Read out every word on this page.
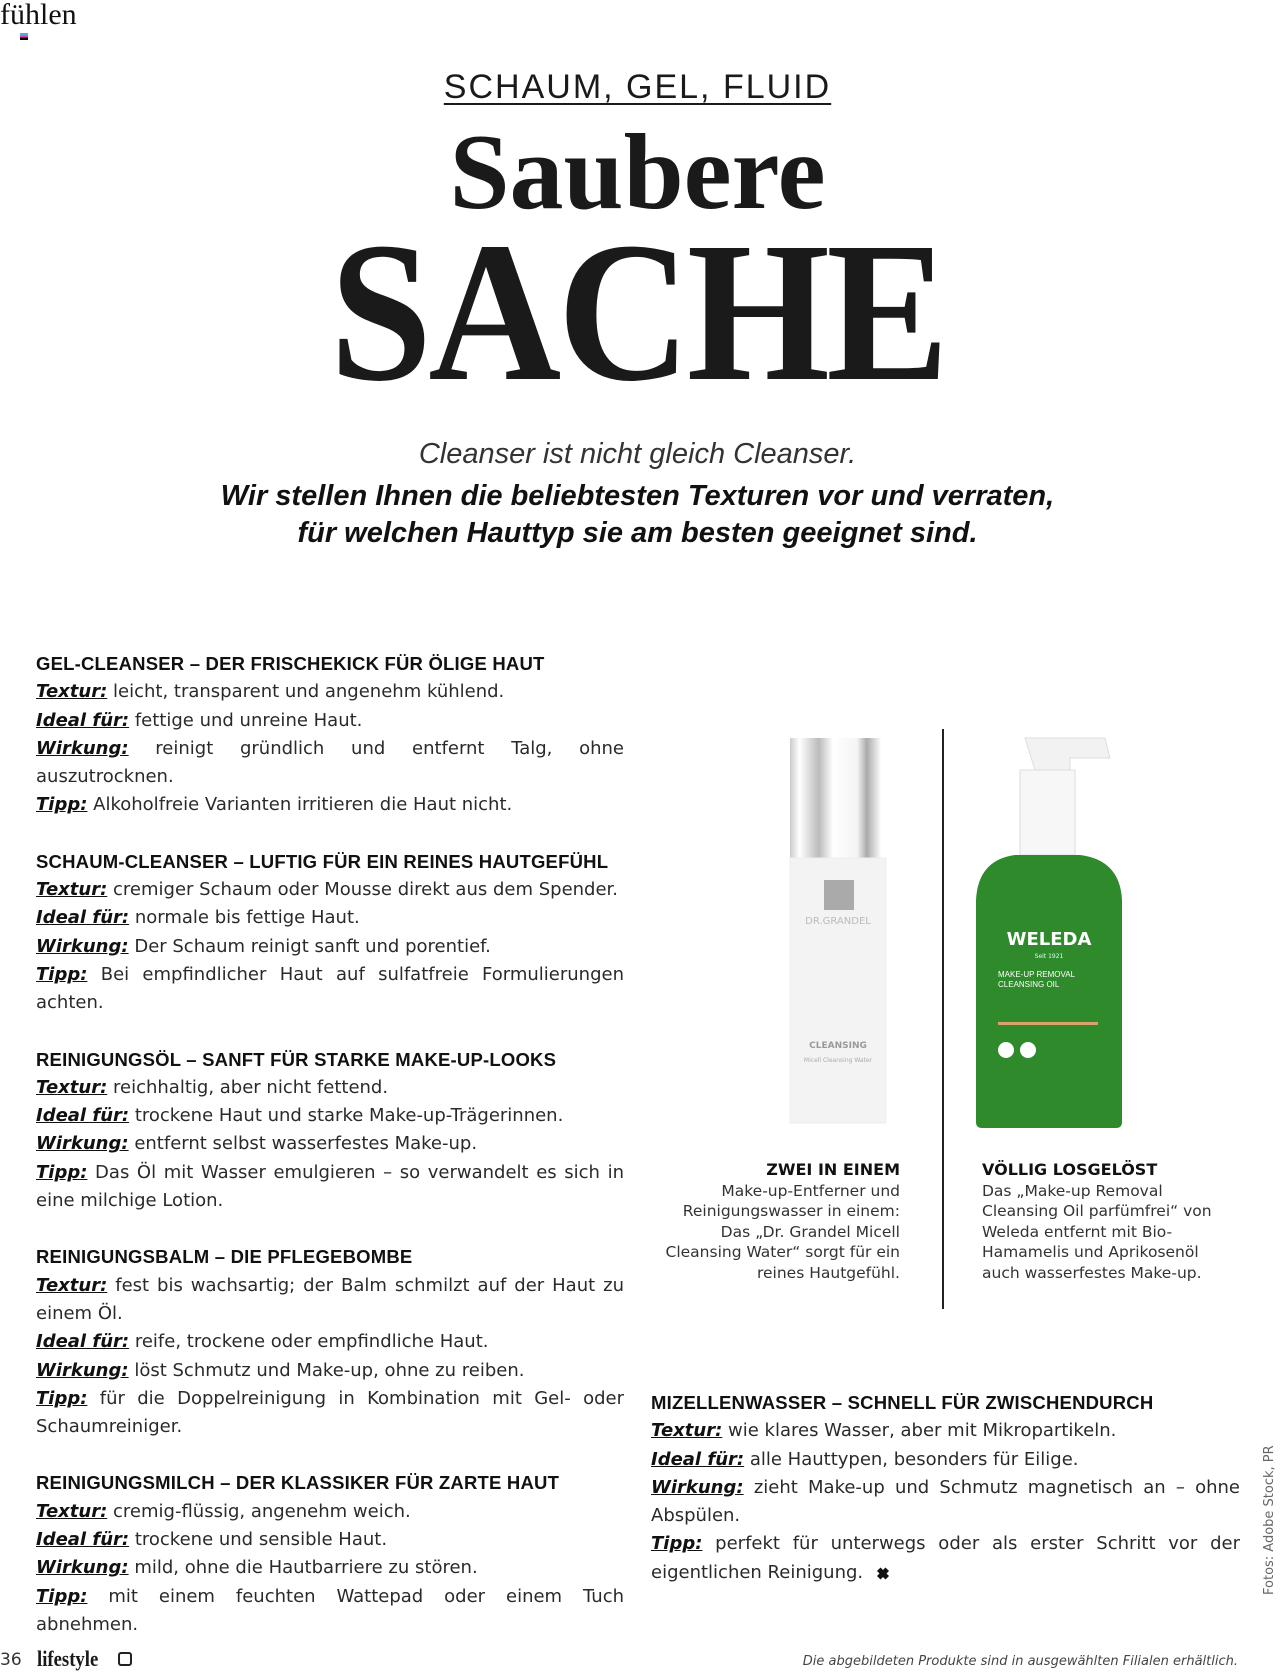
fühlen
SCHAUM, GEL, FLUID
Saubere
SACHE
Cleanser ist nicht gleich Cleanser.
Wir stellen Ihnen die beliebtesten Texturen vor und verraten,
für welchen Hauttyp sie am besten geeignet sind.
GEL-CLEANSER – DER FRISCHEKICK FÜR ÖLIGE HAUT

Textur: leicht, transparent und angenehm kühlend.

Ideal für: fettige und unreine Haut.

Wirkung: reinigt gründlich und entfernt Talg, ohne auszutrocknen.

Tipp: Alkoholfreie Varianten irritieren die Haut nicht.

SCHAUM-CLEANSER – LUFTIG FÜR EIN REINES HAUTGEFÜHL

Textur: cremiger Schaum oder Mousse direkt aus dem Spender.

Ideal für: normale bis fettige Haut.

Wirkung: Der Schaum reinigt sanft und porentief.

Tipp: Bei empfindlicher Haut auf sulfatfreie Formulierungen achten.

REINIGUNGSÖL – SANFT FÜR STARKE MAKE-UP-LOOKS

Textur: reichhaltig, aber nicht fettend.

Ideal für: trockene Haut und starke Make-up-Trägerinnen.

Wirkung: entfernt selbst wasserfestes Make-up.

Tipp: Das Öl mit Wasser emulgieren – so verwandelt es sich in eine milchige Lotion.

REINIGUNGSBALM – DIE PFLEGEBOMBE

Textur: fest bis wachsartig; der Balm schmilzt auf der Haut zu einem Öl.

Ideal für: reife, trockene oder empfindliche Haut.

Wirkung: löst Schmutz und Make-up, ohne zu reiben.

Tipp: für die Doppelreinigung in Kombination mit Gel- oder Schaumreiniger.

REINIGUNGSMILCH – DER KLASSIKER FÜR ZARTE HAUT

Textur: cremig-flüssig, angenehm weich.

Ideal für: trockene und sensible Haut.

Wirkung: mild, ohne die Hautbarriere zu stören.

Tipp: mit einem feuchten Wattepad oder einem Tuch abnehmen.

MIZELLENWASSER – SCHNELL FÜR ZWISCHENDURCH

Textur: wie klares Wasser, aber mit Mikropartikeln.

Ideal für: alle Hauttypen, besonders für Eilige.

Wirkung: zieht Make-up und Schmutz magnetisch an – ohne Abspülen.

Tipp: perfekt für unterwegs oder als erster Schritt vor der eigentlichen Reinigung.

DR.GRANDEL
CLEANSING
Micell Cleansing Water
WELEDA
Seit 1921
MAKE-UP REMOVAL CLEANSING OIL
ZWEI IN EINEM
Make-up-Entferner und Reinigungswasser in einem: Das „Dr. Grandel Micell Cleansing Water“ sorgt für ein reines Hautgefühl.
VÖLLIG LOSGELÖST
Das „Make-up Removal Cleansing Oil parfümfrei“ von Weleda entfernt mit Bio-Hamamelis und Aprikosenöl auch wasserfestes Make-up.
Fotos: Adobe Stock, PR
36 lifestyle	Die abgebildeten Produkte sind in ausgewählten Filialen erhältlich.
